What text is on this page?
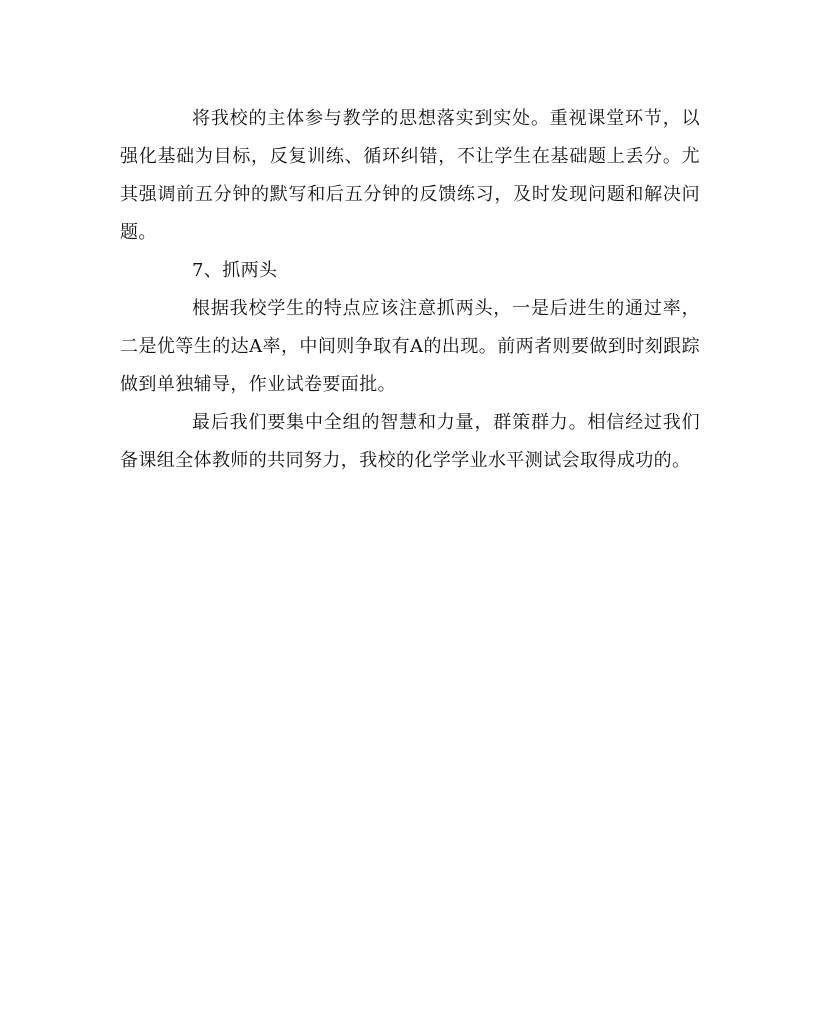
将我校的主体参与教学的思想落实到实处。重视课堂环节，以强化基础为目标，反复训练、循环纠错，不让学生在基础题上丢分。尤其强调前五分钟的默写和后五分钟的反馈练习，及时发现问题和解决问题。

7、抓两头

根据我校学生的特点应该注意抓两头，一是后进生的通过率，二是优等生的达A率，中间则争取有A的出现。前两者则要做到时刻跟踪做到单独辅导，作业试卷要面批。

最后我们要集中全组的智慧和力量，群策群力。相信经过我们备课组全体教师的共同努力，我校的化学学业水平测试会取得成功的。
